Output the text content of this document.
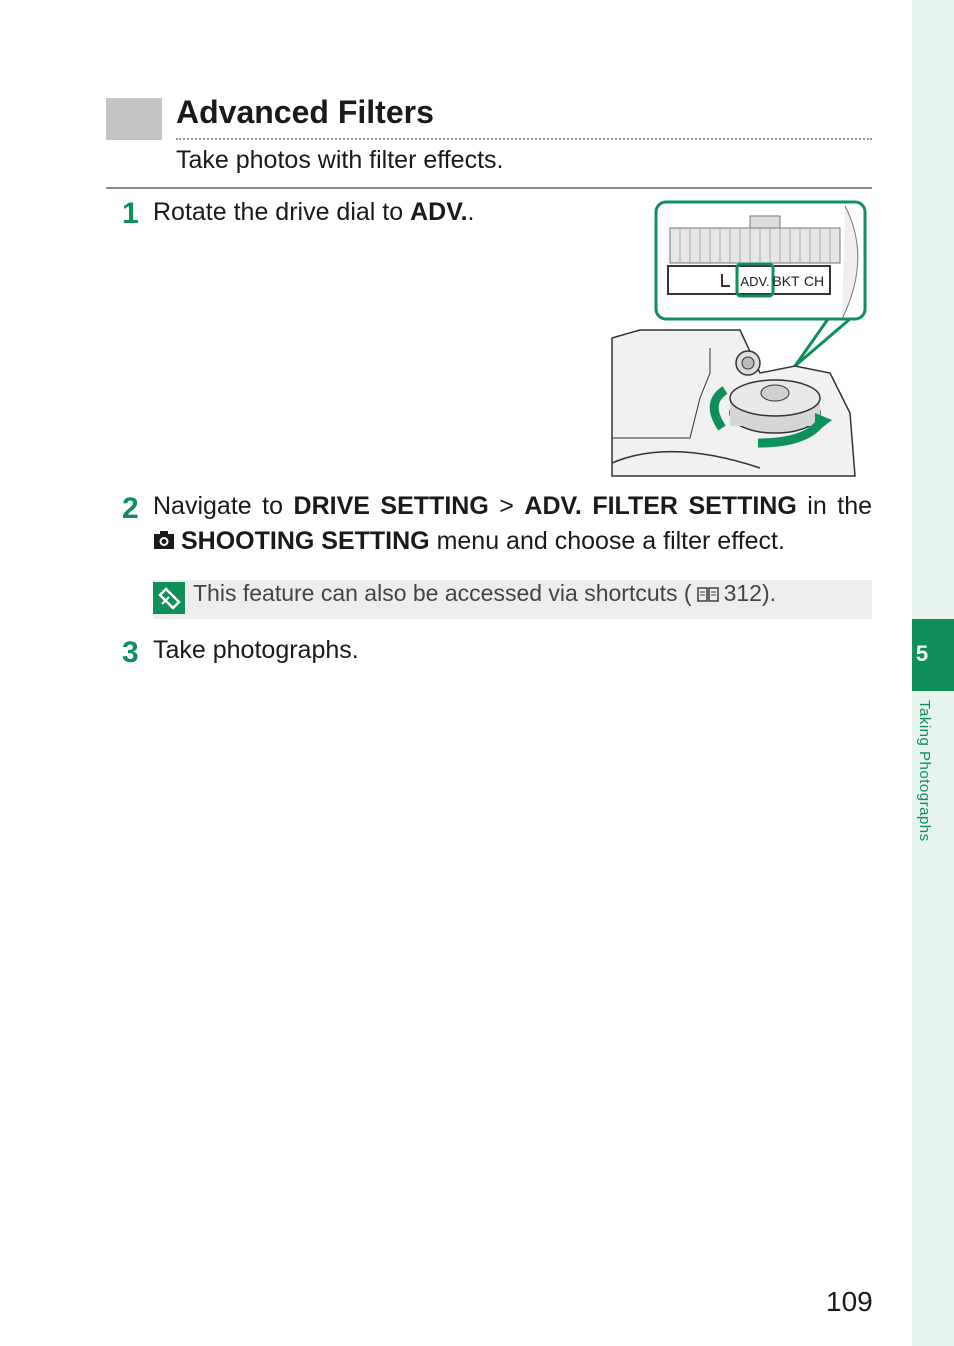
5
Taking Photographs
Advanced Filters
Take photos with filter effects.
1 Rotate the drive dial to ADV..
ADV. BKT CH
2 Navigate to DRIVE SETTING > ADV. FILTER SETTING in the
SHOOTING SETTING menu and choose a filter effect.
This feature can also be accessed via shortcuts ( 312).
3 Take photographs.
109
